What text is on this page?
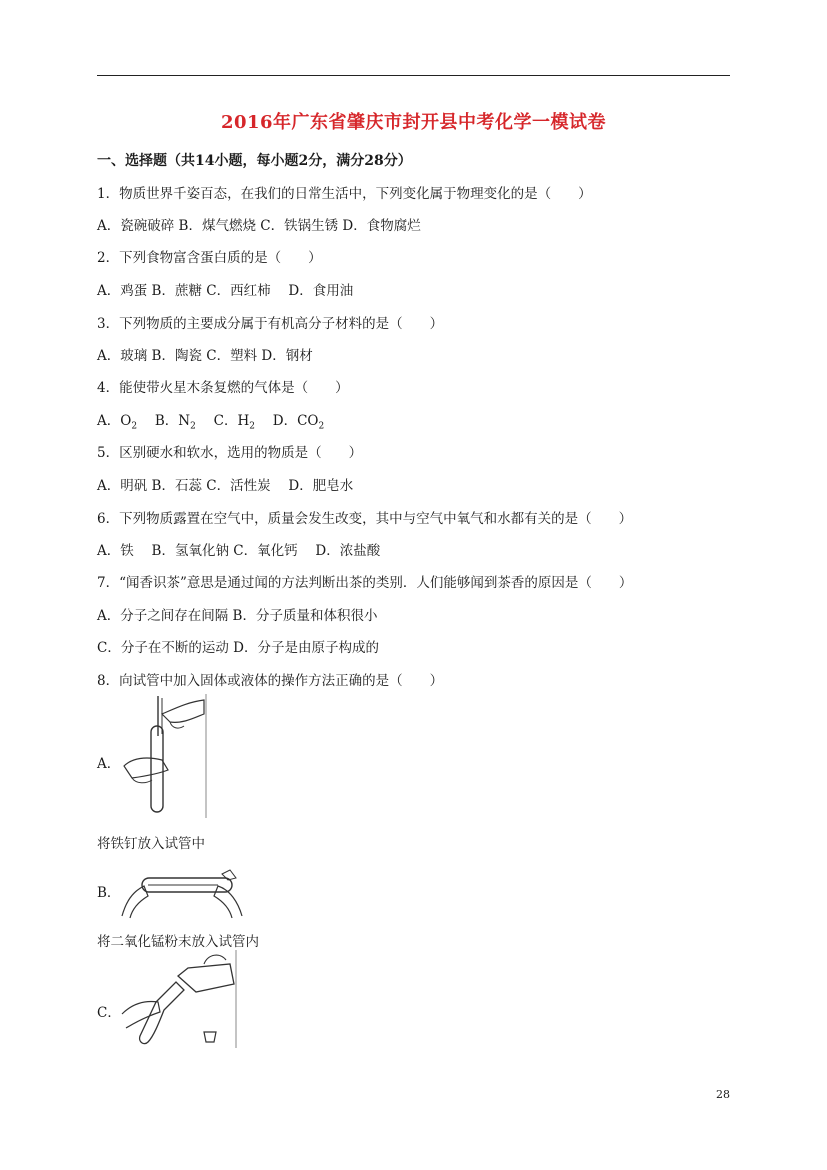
2016年广东省肇庆市封开县中考化学一模试卷
一、选择题（共14小题，每小题2分，满分28分）
1．物质世界千姿百态，在我们的日常生活中，下列变化属于物理变化的是（　　）
A．瓷碗破碎 B．煤气燃烧 C．铁锅生锈 D．食物腐烂
2．下列食物富含蛋白质的是（　　）
A．鸡蛋 B．蔗糖 C．西红柿　 D．食用油
3．下列物质的主要成分属于有机高分子材料的是（　　）
A．玻璃 B．陶瓷 C．塑料 D．钢材
4．能使带火星木条复燃的气体是（　　）
A．$O_2$ 　B．$N_2$ 　C．$H_2$ 　D．$CO_2$
5．区别硬水和软水，选用的物质是（　　）
A．明矾 B．石蕊 C．活性炭　 D．肥皂水
6．下列物质露置在空气中，质量会发生改变，其中与空气中氧气和水都有关的是（　　）
A．铁　 B．氢氧化钠 C．氧化钙　 D．浓盐酸
7．“闻香识茶”意思是通过闻的方法判断出茶的类别．人们能够闻到茶香的原因是（　　）
A．分子之间存在间隔 B．分子质量和体积很小
C．分子在不断的运动 D．分子是由原子构成的
8．向试管中加入固体或液体的操作方法正确的是（　　）
A．
将铁钉放入试管中
B．
将二氧化锰粉末放入试管内
C．
28
